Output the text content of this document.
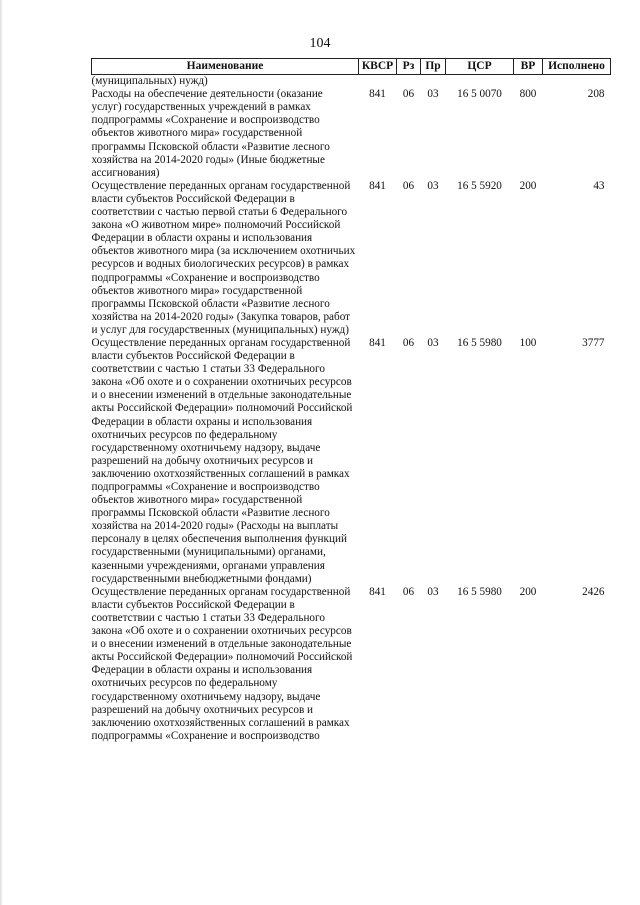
104
Наименование	КВСР	Рз	Пр	ЦСР	ВР	Исполнено
(муниципальных) нужд)						
Расходы на обеспечение деятельности (оказание услуг) государственных учреждений в рамках подпрограммы «Сохранение и воспроизводство объектов животного мира» государственной программы Псковской области «Развитие лесного хозяйства на 2014-2020 годы» (Иные бюджетные ассигнования)	841	06	03	16 5 0070	800	208
Осуществление переданных органам государственной власти субъектов Российской Федерации в соответствии с частью первой статьи 6 Федерального закона «О животном мире» полномочий Российской Федерации в области охраны и использования объектов животного мира (за исключением охотничьих ресурсов и водных биологических ресурсов) в рамках подпрограммы «Сохранение и воспроизводство объектов животного мира» государственной программы Псковской области «Развитие лесного хозяйства на 2014-2020 годы» (Закупка товаров, работ и услуг для государственных (муниципальных) нужд)	841	06	03	16 5 5920	200	43
Осуществление переданных органам государственной власти субъектов Российской Федерации в соответствии с частью 1 статьи 33 Федерального закона «Об охоте и о сохранении охотничьих ресурсов и о внесении изменений в отдельные законодательные акты Российской Федерации» полномочий Российской Федерации в области охраны и использования охотничьих ресурсов по федеральному государственному охотничьему надзору, выдаче разрешений на добычу охотничьих ресурсов и заключению охотхозяйственных соглашений в рамках подпрограммы «Сохранение и воспроизводство объектов животного мира» государственной программы Псковской области «Развитие лесного хозяйства на 2014-2020 годы» (Расходы на выплаты персоналу в целях обеспечения выполнения функций государственными (муниципальными) органами, казенными учреждениями, органами управления государственными внебюджетными фондами)	841	06	03	16 5 5980	100	3777
Осуществление переданных органам государственной власти субъектов Российской Федерации в соответствии с частью 1 статьи 33 Федерального закона «Об охоте и о сохранении охотничьих ресурсов и о внесении изменений в отдельные законодательные акты Российской Федерации» полномочий Российской Федерации в области охраны и использования охотничьих ресурсов по федеральному государственному охотничьему надзору, выдаче разрешений на добычу охотничьих ресурсов и заключению охотхозяйственных соглашений в рамках подпрограммы «Сохранение и воспроизводство	841	06	03	16 5 5980	200	2426
